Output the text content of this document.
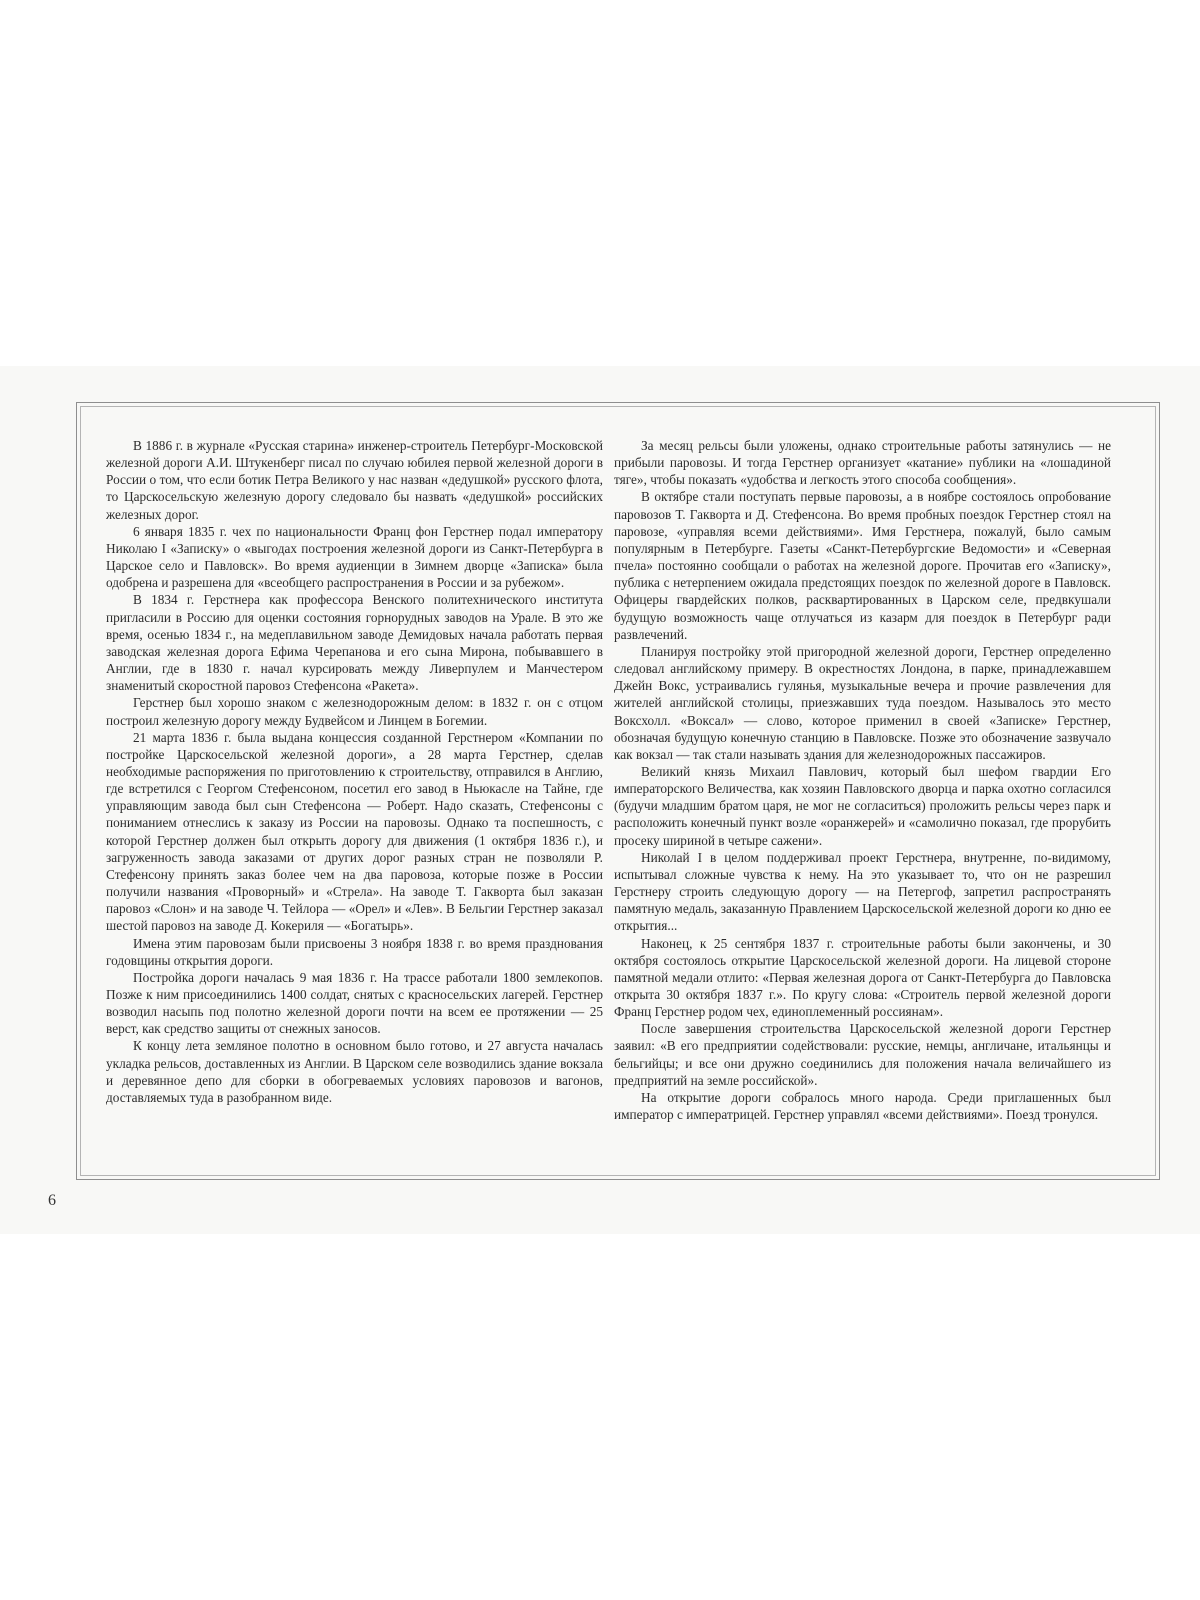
В 1886 г. в журнале «Русская старина» инженер-строитель Петербург-Московской железной дороги А.И. Штукенберг писал по случаю юбилея первой железной дороги в России о том, что если ботик Петра Великого у нас назван «дедушкой» русского флота, то Царскосельскую железную дорогу следовало бы назвать «дедушкой» российских железных дорог.

6 января 1835 г. чех по национальности Франц фон Герстнер подал императору Николаю I «Записку» о «выгодах построения железной дороги из Санкт-Петербурга в Царское село и Павловск». Во время аудиенции в Зимнем дворце «Записка» была одобрена и разрешена для «всеобщего распространения в России и за рубежом».

В 1834 г. Герстнера как профессора Венского политехнического института пригласили в Россию для оценки состояния горнорудных заводов на Урале. В это же время, осенью 1834 г., на медеплавильном заводе Демидовых начала работать первая заводская железная дорога Ефима Черепанова и его сына Мирона, побывавшего в Англии, где в 1830 г. начал курсировать между Ливерпулем и Манчестером знаменитый скоростной паровоз Стефенсона «Ракета».

Герстнер был хорошо знаком с железнодорожным делом: в 1832 г. он с отцом построил железную дорогу между Будвейсом и Линцем в Богемии.

21 марта 1836 г. была выдана концессия созданной Герстнером «Компании по постройке Царскосельской железной дороги», а 28 марта Герстнер, сделав необходимые распоряжения по приготовлению к строительству, отправился в Англию, где встретился с Георгом Стефенсоном, посетил его завод в Ньюкасле на Тайне, где управляющим завода был сын Стефенсона — Роберт. Надо сказать, Стефенсоны с пониманием отнеслись к заказу из России на паровозы. Однако та поспешность, с которой Герстнер должен был открыть дорогу для движения (1 октября 1836 г.), и загруженность завода заказами от других дорог разных стран не позволяли Р. Стефенсону принять заказ более чем на два паровоза, которые позже в России получили названия «Проворный» и «Стрела». На заводе Т. Гакворта был заказан паровоз «Слон» и на заводе Ч. Тейлора — «Орел» и «Лев». В Бельгии Герстнер заказал шестой паровоз на заводе Д. Кокериля — «Богатырь».

Имена этим паровозам были присвоены 3 ноября 1838 г. во время празднования годовщины открытия дороги.

Постройка дороги началась 9 мая 1836 г. На трассе работали 1800 землекопов. Позже к ним присоединились 1400 солдат, снятых с красносельских лагерей. Герстнер возводил насыпь под полотно железной дороги почти на всем ее протяжении — 25 верст, как средство защиты от снежных заносов.

К концу лета земляное полотно в основном было готово, и 27 августа началась укладка рельсов, доставленных из Англии. В Царском селе возводились здание вокзала и деревянное депо для сборки в обогреваемых условиях паровозов и вагонов, доставляемых туда в разобранном виде.

За месяц рельсы были уложены, однако строительные работы затянулись — не прибыли паровозы. И тогда Герстнер организует «катание» публики на «лошадиной тяге», чтобы показать «удобства и легкость этого способа сообщения».

В октябре стали поступать первые паровозы, а в ноябре состоялось опробование паровозов Т. Гакворта и Д. Стефенсона. Во время пробных поездок Герстнер стоял на паровозе, «управляя всеми действиями». Имя Герстнера, пожалуй, было самым популярным в Петербурге. Газеты «Санкт-Петербургские Ведомости» и «Северная пчела» постоянно сообщали о работах на железной дороге. Прочитав его «Записку», публика с нетерпением ожидала предстоящих поездок по железной дороге в Павловск. Офицеры гвардейских полков, расквартированных в Царском селе, предвкушали будущую возможность чаще отлучаться из казарм для поездок в Петербург ради развлечений.

Планируя постройку этой пригородной железной дороги, Герстнер определенно следовал английскому примеру. В окрестностях Лондона, в парке, принадлежавшем Джейн Вокс, устраивались гулянья, музыкальные вечера и прочие развлечения для жителей английской столицы, приезжавших туда поездом. Называлось это место Воксхолл. «Воксал» — слово, которое применил в своей «Записке» Герстнер, обозначая будущую конечную станцию в Павловске. Позже это обозначение зазвучало как вокзал — так стали называть здания для железнодорожных пассажиров.

Великий князь Михаил Павлович, который был шефом гвардии Его императорского Величества, как хозяин Павловского дворца и парка охотно согласился (будучи младшим братом царя, не мог не согласиться) проложить рельсы через парк и расположить конечный пункт возле «оранжерей» и «самолично показал, где прорубить просеку шириной в четыре сажени».

Николай I в целом поддерживал проект Герстнера, внутренне, по-видимому, испытывал сложные чувства к нему. На это указывает то, что он не разрешил Герстнеру строить следующую дорогу — на Петергоф, запретил распространять памятную медаль, заказанную Правлением Царскосельской железной дороги ко дню ее открытия...

Наконец, к 25 сентября 1837 г. строительные работы были закончены, и 30 октября состоялось открытие Царскосельской железной дороги. На лицевой стороне памятной медали отлито: «Первая железная дорога от Санкт-Петербурга до Павловска открыта 30 октября 1837 г.». По кругу слова: «Строитель первой железной дороги Франц Герстнер родом чех, единоплеменный россиянам».

После завершения строительства Царскосельской железной дороги Герстнер заявил: «В его предприятии содействовали: русские, немцы, англичане, итальянцы и бельгийцы; и все они дружно соединились для положения начала величайшего из предприятий на земле российской».

На открытие дороги собралось много народа. Среди приглашенных был император с императрицей. Герстнер управлял «всеми действиями». Поезд тронулся.

6
